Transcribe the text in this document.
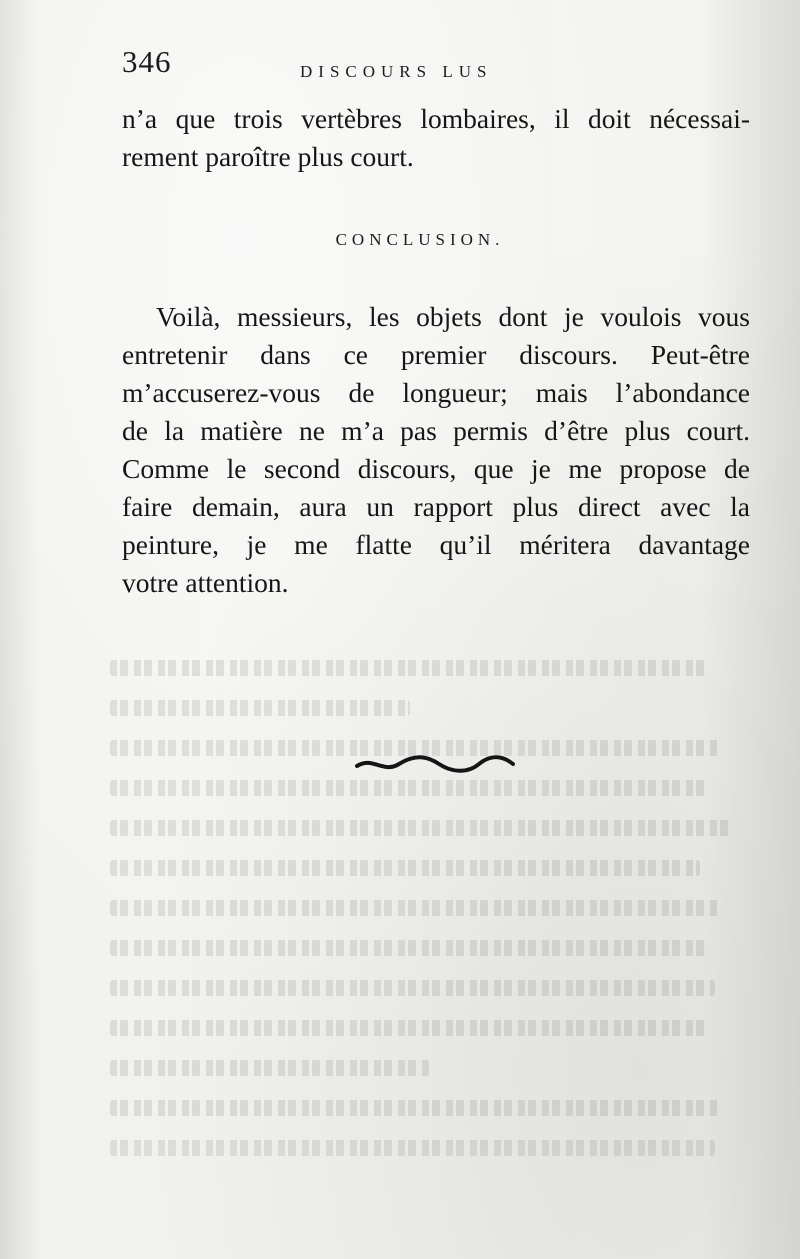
346	DISCOURS LUS
n’a que trois vertèbres lombaires, il doit nécessai-
rement paroître plus court.
CONCLUSION.
Voilà, messieurs, les objets dont je voulois vous
entretenir dans ce premier discours. Peut-être
m’accuserez-vous de longueur; mais l’abondance
de la matière ne m’a pas permis d’être plus court.
Comme le second discours, que je me propose de
faire demain, aura un rapport plus direct avec la
peinture, je me flatte qu’il méritera davantage
votre attention.
